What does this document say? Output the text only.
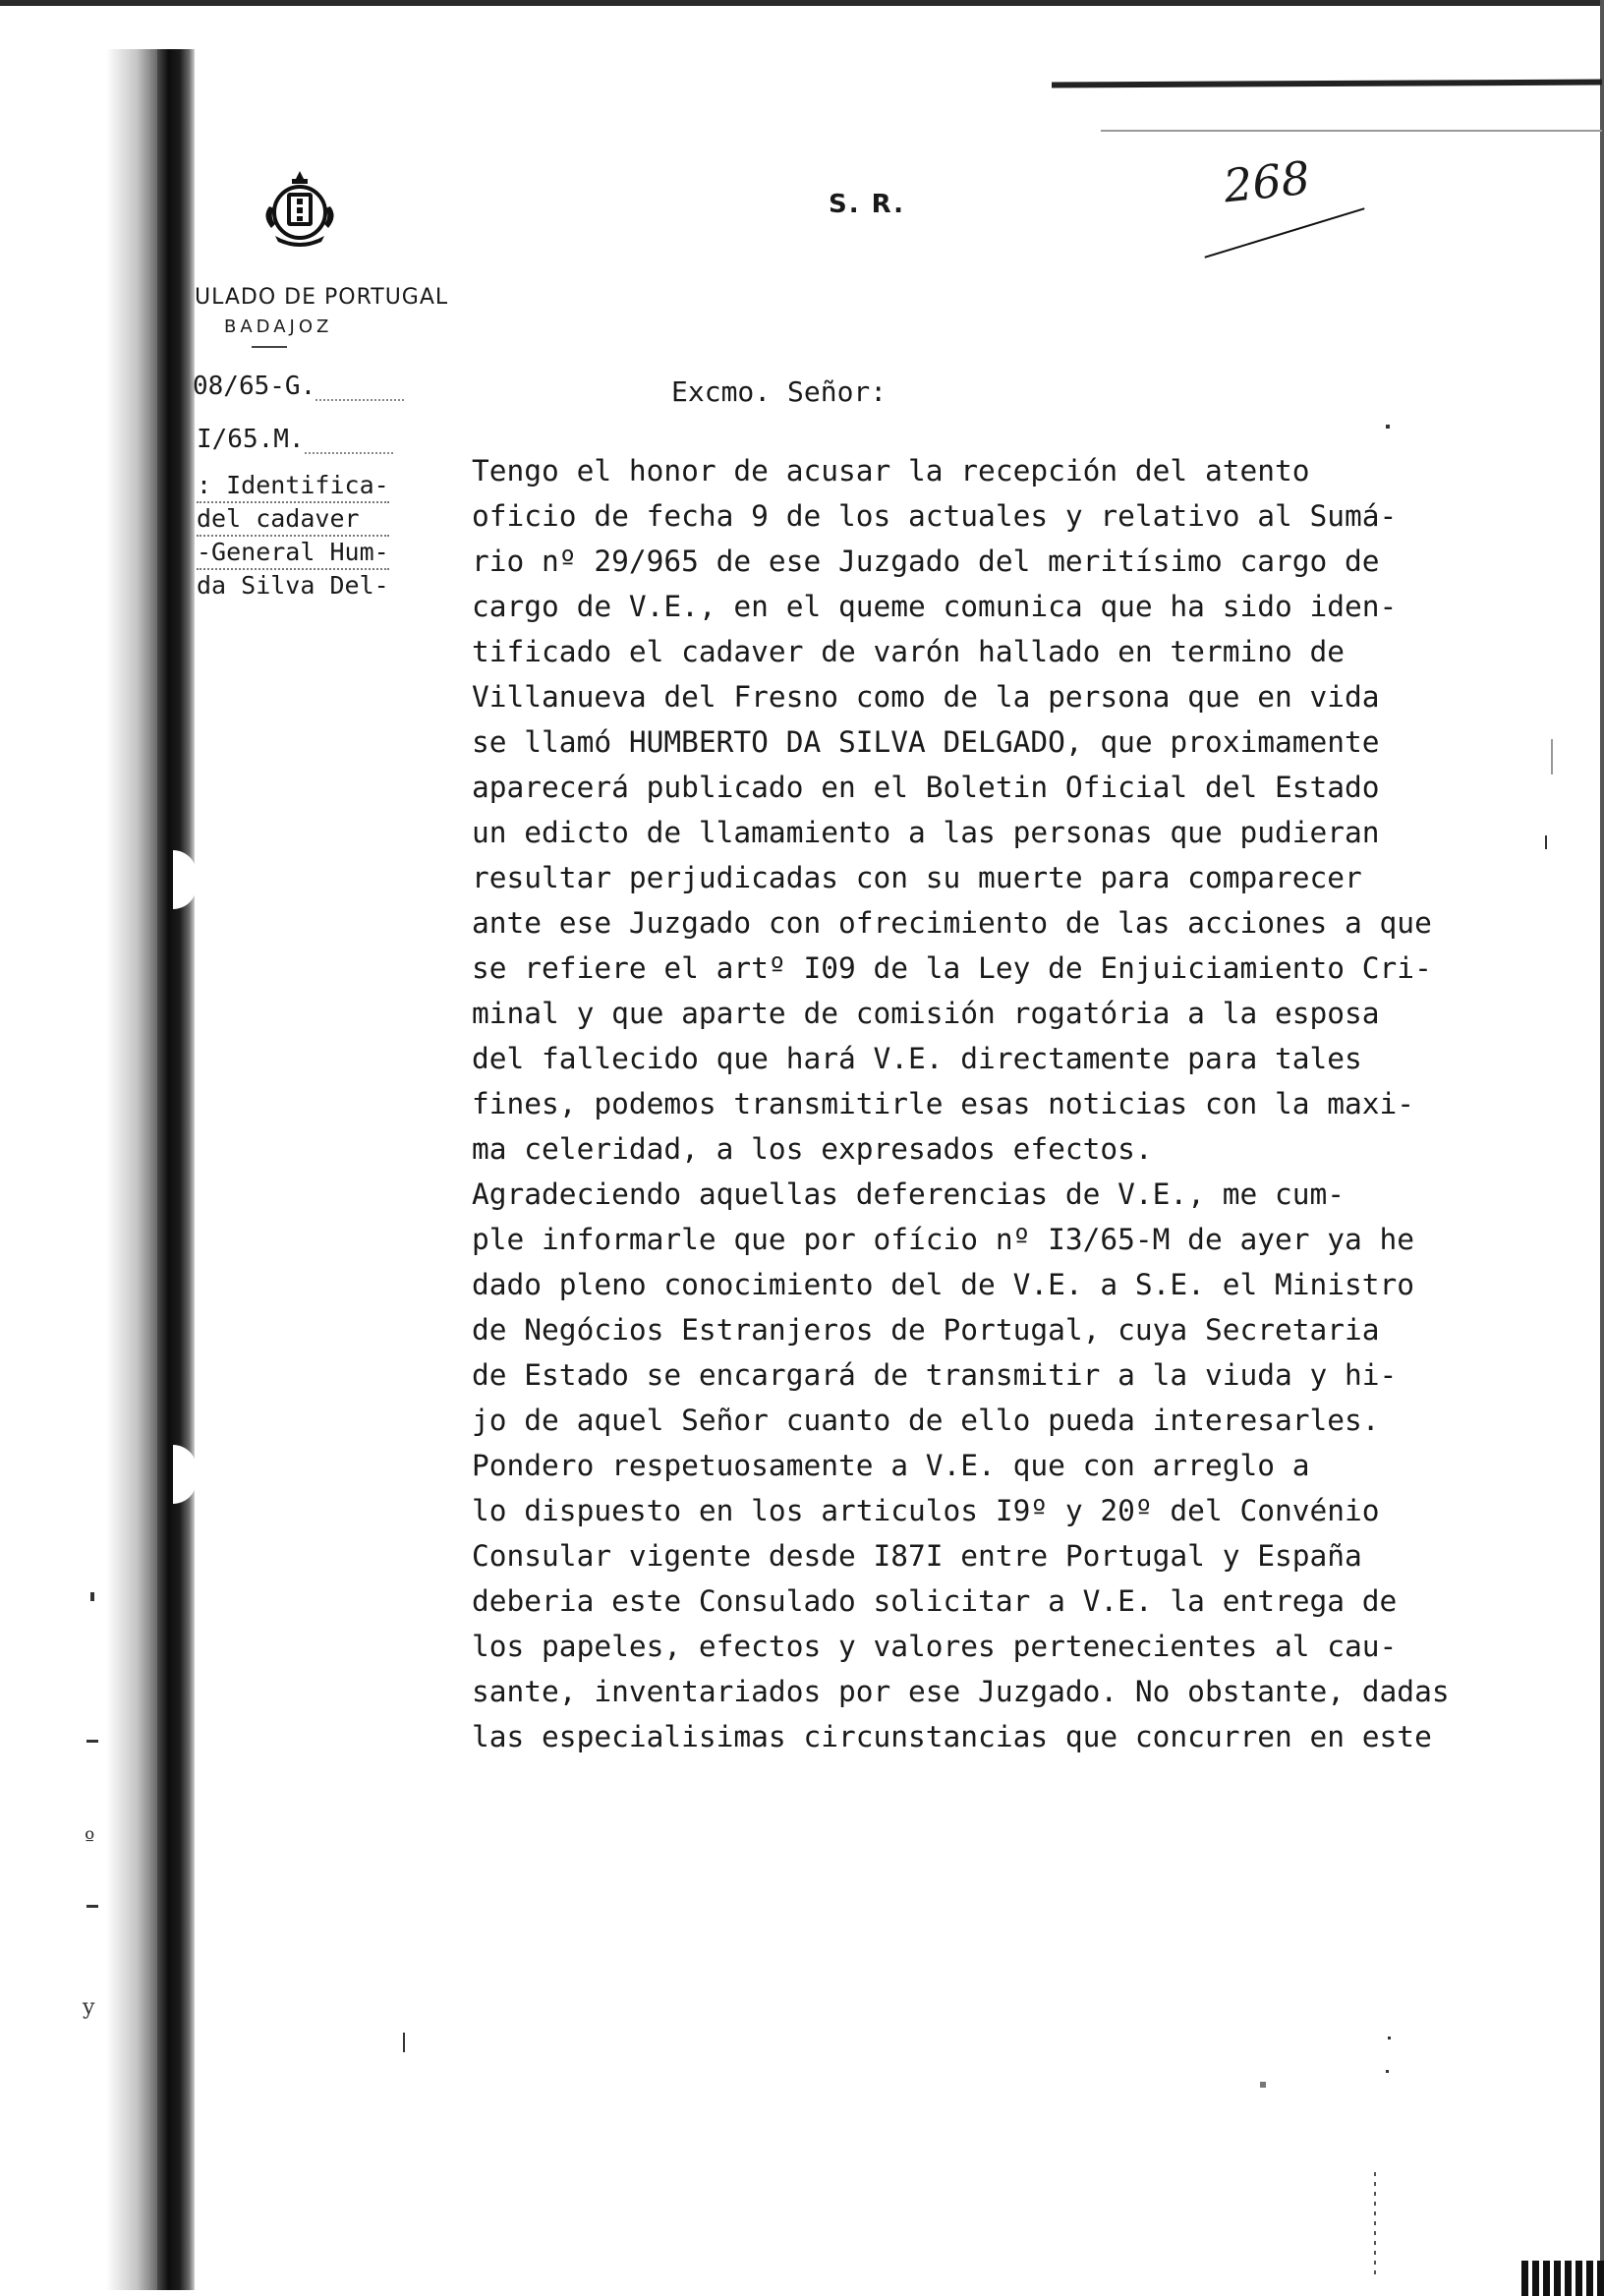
ULADO DE PORTUGAL
BADAJOZ
08/65-G.
I/65.M.
: Identifica-
del cadaver
-General Hum-
da Silva Del-
S. R.	268
Excmo. Señor:
Tengo el honor de acusar la recepción del atento
oficio de fecha 9 de los actuales y relativo al Sumá-
rio nº 29/965 de ese Juzgado del meritísimo cargo de
cargo de V.E., en el queme comunica que ha sido iden-
tificado el cadaver de varón hallado en termino de
Villanueva del Fresno como de la persona que en vida
se llamó HUMBERTO DA SILVA DELGADO, que proximamente
aparecerá publicado en el Boletin Oficial del Estado
un edicto de llamamiento a las personas que pudieran
resultar perjudicadas con su muerte para comparecer
ante ese Juzgado con ofrecimiento de las acciones a que
se refiere el artº I09 de la Ley de Enjuiciamiento Cri-
minal y que aparte de comisión rogatória a la esposa
del fallecido que hará V.E. directamente para tales
fines, podemos transmitirle esas noticias con la maxi-
ma celeridad, a los expresados efectos.
Agradeciendo aquellas deferencias de V.E., me cum-
ple informarle que por ofício nº I3/65-M de ayer ya he
dado pleno conocimiento del de V.E. a S.E. el Ministro
de Negócios Estranjeros de Portugal, cuya Secretaria
de Estado se encargará de transmitir a la viuda y hi-
jo de aquel Señor cuanto de ello pueda interesarles.
Pondero respetuosamente a V.E. que con arreglo a
lo dispuesto en los articulos I9º y 20º del Convénio
Consular vigente desde I87I entre Portugal y España
deberia este Consulado solicitar a V.E. la entrega de
los papeles, efectos y valores pertenecientes al cau-
sante, inventariados por ese Juzgado. No obstante, dadas
las especialisimas circunstancias que concurren en este
º
y
